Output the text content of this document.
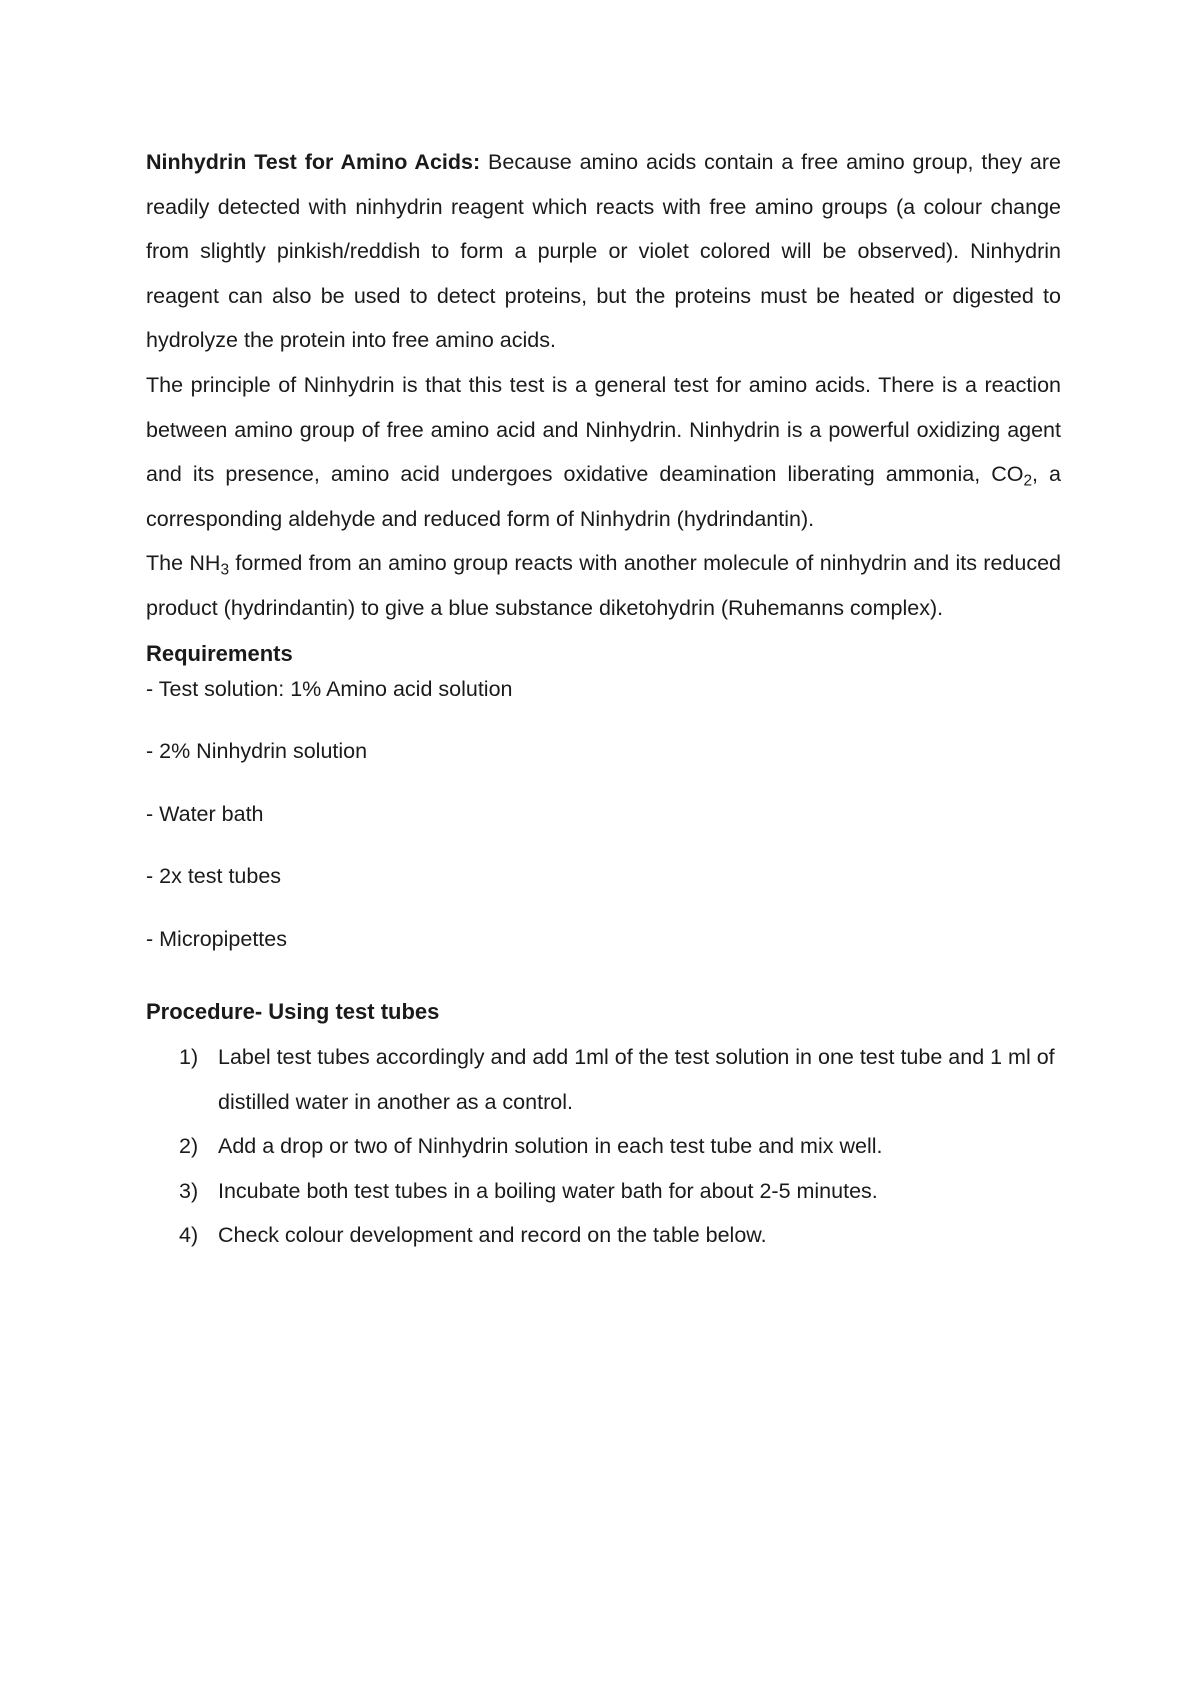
Ninhydrin Test for Amino Acids: Because amino acids contain a free amino group, they are readily detected with ninhydrin reagent which reacts with free amino groups (a colour change from slightly pinkish/reddish to form a purple or violet colored will be observed). Ninhydrin reagent can also be used to detect proteins, but the proteins must be heated or digested to hydrolyze the protein into free amino acids.

The principle of Ninhydrin is that this test is a general test for amino acids. There is a reaction between amino group of free amino acid and Ninhydrin. Ninhydrin is a powerful oxidizing agent and its presence, amino acid undergoes oxidative deamination liberating ammonia, $CO_2$, a corresponding aldehyde and reduced form of Ninhydrin (hydrindantin).

The $NH_3$ formed from an amino group reacts with another molecule of ninhydrin and its reduced product (hydrindantin) to give a blue substance diketohydrin (Ruhemanns complex).

Requirements
- Test solution: 1% Amino acid solution
- 2% Ninhydrin solution
- Water bath
- 2x test tubes
- Micropipettes
Procedure- Using test tubes
1) Label test tubes accordingly and add 1ml of the test solution in one test tube and 1 ml of distilled water in another as a control.
2) Add a drop or two of Ninhydrin solution in each test tube and mix well.
3) Incubate both test tubes in a boiling water bath for about 2-5 minutes.
4) Check colour development and record on the table below.
